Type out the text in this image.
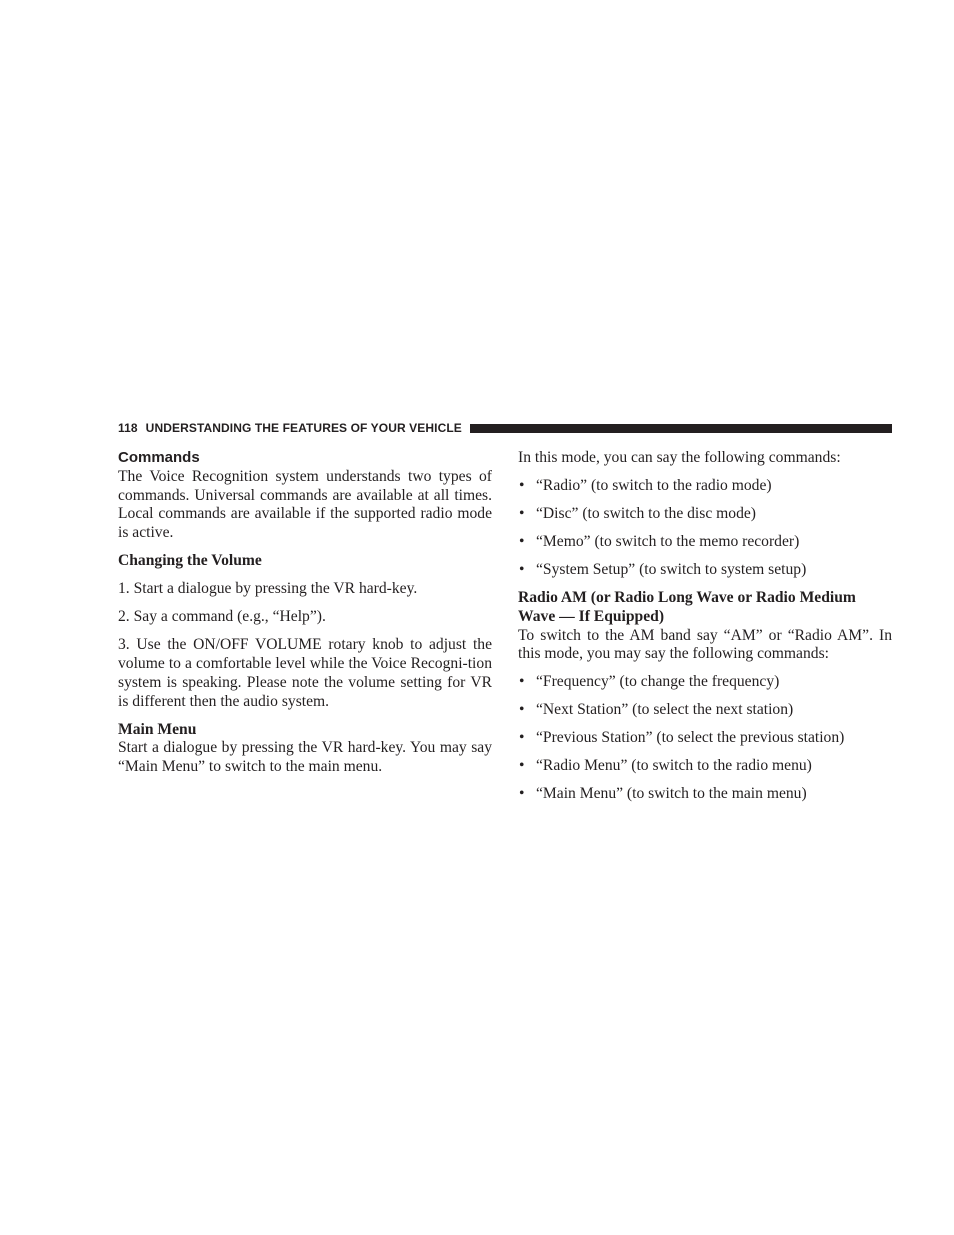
118 UNDERSTANDING THE FEATURES OF YOUR VEHICLE
Commands

The Voice Recognition system understands two types of commands. Universal commands are available at all times. Local commands are available if the supported radio mode is active.

Changing the Volume

1. Start a dialogue by pressing the VR hard-key.

2. Say a command (e.g., “Help”).

3. Use the ON/OFF VOLUME rotary knob to adjust the volume to a comfortable level while the Voice Recogni-tion system is speaking. Please note the volume setting for VR is different then the audio system.

Main Menu

Start a dialogue by pressing the VR hard-key. You may say “Main Menu” to switch to the main menu.

In this mode, you can say the following commands:

• “Radio” (to switch to the radio mode)
• “Disc” (to switch to the disc mode)
• “Memo” (to switch to the memo recorder)
• “System Setup” (to switch to system setup)
Radio AM (or Radio Long Wave or Radio Medium Wave — If Equipped)

To switch to the AM band say “AM” or “Radio AM”. In this mode, you may say the following commands:

• “Frequency” (to change the frequency)
• “Next Station” (to select the next station)
• “Previous Station” (to select the previous station)
• “Radio Menu” (to switch to the radio menu)
• “Main Menu” (to switch to the main menu)
